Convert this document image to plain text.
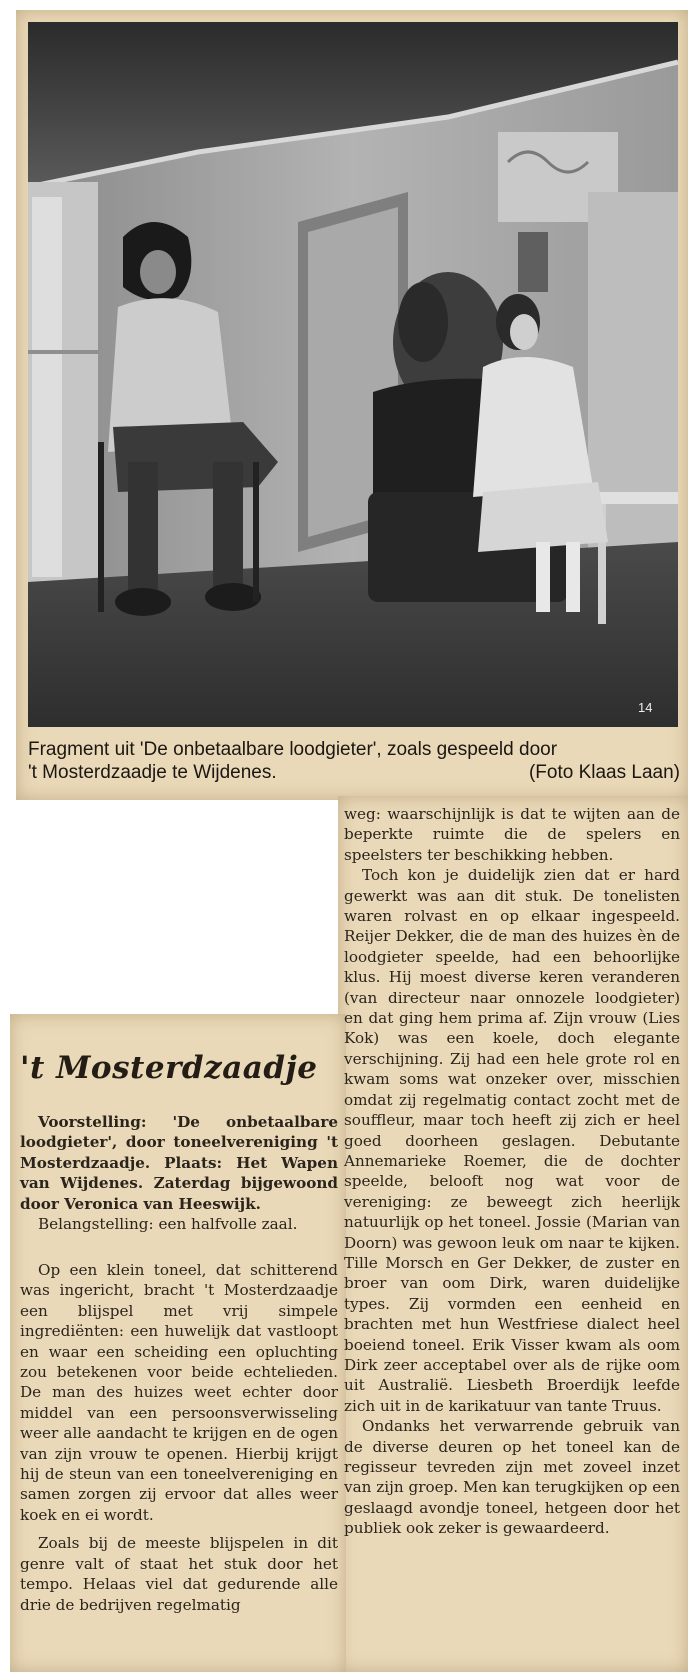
14
Fragment uit 'De onbetaalbare loodgieter', zoals gespeeld door
't Mosterdzaadje te Wijdenes.	(Foto Klaas Laan)
't Mosterdzaadje
Voorstelling: 'De onbetaalbare loodgieter', door toneelvereniging 't Mosterdzaadje. Plaats: Het Wapen van Wijdenes. Zaterdag bijgewoond door Veronica van Heeswijk.
Belangstelling: een halfvolle zaal.

Op een klein toneel, dat schitterend was ingericht, bracht 't Mosterdzaadje een blijspel met vrij simpele ingrediënten: een huwelijk dat vastloopt en waar een scheiding een opluchting zou betekenen voor beide echtelieden. De man des huizes weet echter door middel van een persoonsverwisseling weer alle aandacht te krijgen en de ogen van zijn vrouw te openen. Hierbij krijgt hij de steun van een toneelvereniging en samen zorgen zij ervoor dat alles weer koek en ei wordt.

Zoals bij de meeste blijspelen in dit genre valt of staat het stuk door het tempo. Helaas viel dat gedurende alle drie de bedrijven regelmatig

weg: waarschijnlijk is dat te wijten aan de beperkte ruimte die de spelers en speelsters ter beschikking hebben.

Toch kon je duidelijk zien dat er hard gewerkt was aan dit stuk. De tonelisten waren rolvast en op elkaar ingespeeld. Reijer Dekker, die de man des huizes èn de loodgieter speelde, had een behoorlijke klus. Hij moest diverse keren veranderen (van directeur naar onnozele loodgieter) en dat ging hem prima af. Zijn vrouw (Lies Kok) was een koele, doch elegante verschijning. Zij had een hele grote rol en kwam soms wat onzeker over, misschien omdat zij regelmatig contact zocht met de souffleur, maar toch heeft zij zich er heel goed doorheen geslagen. Debutante Annemarieke Roemer, die de dochter speelde, belooft nog wat voor de vereniging: ze beweegt zich heerlijk natuurlijk op het toneel. Jossie (Marian van Doorn) was gewoon leuk om naar te kijken. Tille Morsch en Ger Dekker, de zuster en broer van oom Dirk, waren duidelijke types. Zij vormden een eenheid en brachten met hun Westfriese dialect heel boeiend toneel. Erik Visser kwam als oom Dirk zeer acceptabel over als de rijke oom uit Australië. Liesbeth Broerdijk leefde zich uit in de karikatuur van tante Truus.

Ondanks het verwarrende gebruik van de diverse deuren op het toneel kan de regisseur tevreden zijn met zoveel inzet van zijn groep. Men kan terugkijken op een geslaagd avondje toneel, hetgeen door het publiek ook zeker is gewaardeerd.
